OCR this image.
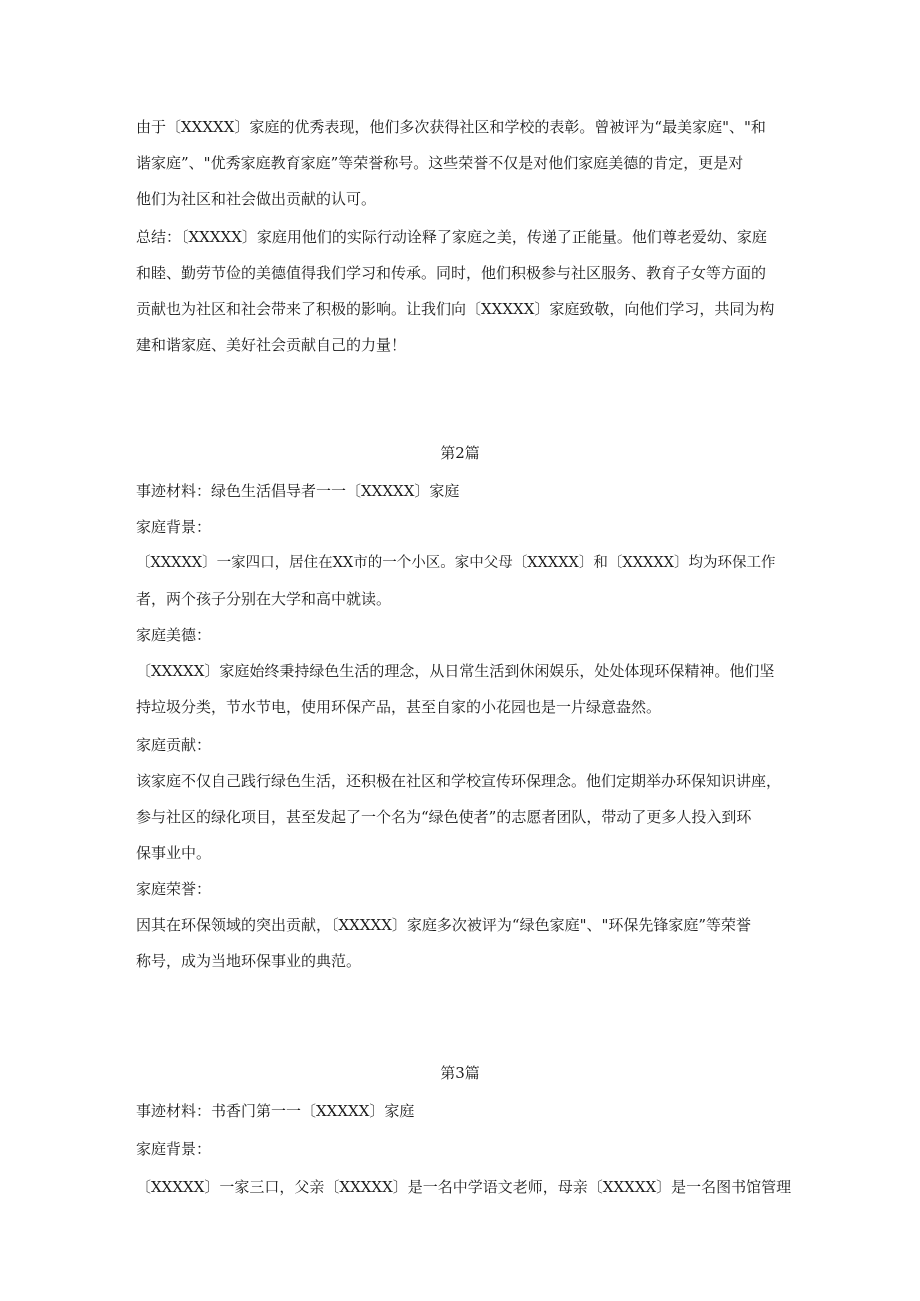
由于〔XXXXX〕家庭的优秀表现，他们多次获得社区和学校的表彰。曾被评为“最美家庭"、"和
谐家庭”、"优秀家庭教育家庭”等荣誉称号。这些荣誉不仅是对他们家庭美德的肯定，更是对
他们为社区和社会做出贡献的认可。
总结：〔XXXXX〕家庭用他们的实际行动诠释了家庭之美，传递了正能量。他们尊老爱幼、家庭
和睦、勤劳节俭的美德值得我们学习和传承。同时，他们积极参与社区服务、教育子女等方面的
贡献也为社区和社会带来了积极的影响。让我们向〔XXXXX〕家庭致敬，向他们学习，共同为构
建和谐家庭、美好社会贡献自己的力量！
第2篇
事迹材料：绿色生活倡导者一一〔XXXXX〕家庭
家庭背景：
〔XXXXX〕一家四口，居住在XX市的一个小区。家中父母〔XXXXX〕和〔XXXXX〕均为环保工作
者，两个孩子分别在大学和高中就读。
家庭美德：
〔XXXXX〕家庭始终秉持绿色生活的理念，从日常生活到休闲娱乐，处处体现环保精神。他们坚
持垃圾分类，节水节电，使用环保产品，甚至自家的小花园也是一片绿意盎然。
家庭贡献：
该家庭不仅自己践行绿色生活，还积极在社区和学校宣传环保理念。他们定期举办环保知识讲座，
参与社区的绿化项目，甚至发起了一个名为“绿色使者”的志愿者团队，带动了更多人投入到环
保事业中。
家庭荣誉：
因其在环保领域的突出贡献，〔XXXXX〕家庭多次被评为“绿色家庭"、"环保先锋家庭”等荣誉
称号，成为当地环保事业的典范。
第3篇
事迹材料：书香门第一一〔XXXXX〕家庭
家庭背景：
〔XXXXX〕一家三口，父亲〔XXXXX〕是一名中学语文老师，母亲〔XXXXX〕是一名图书馆管理
